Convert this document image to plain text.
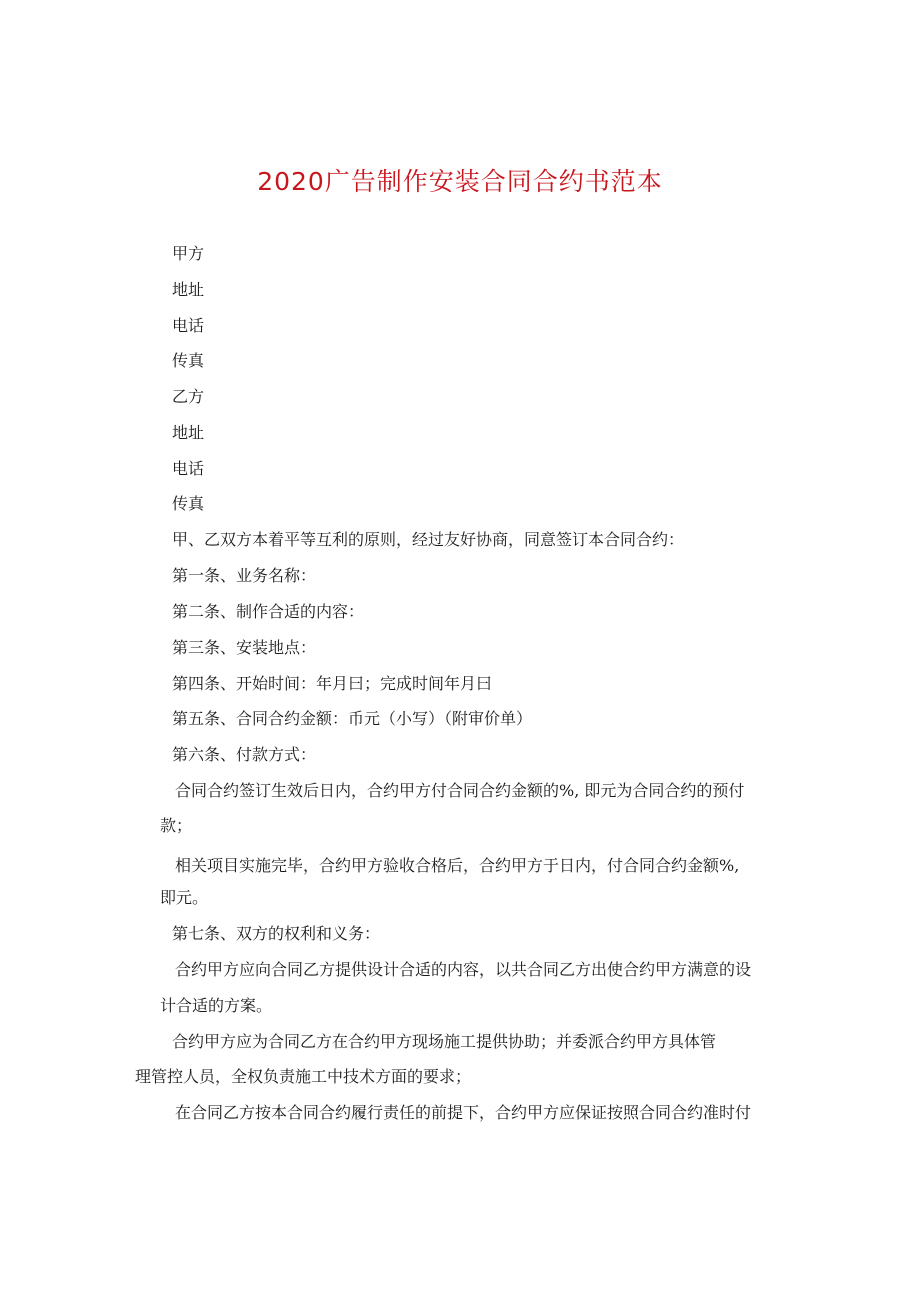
2020广告制作安装合同合约书范本

甲方

地址

电话

传真

乙方

地址

电话

传真

甲、乙双方本着平等互利的原则，经过友好协商，同意签订本合同合约：

第一条、业务名称：

第二条、制作合适的内容：

第三条、安装地点：

第四条、开始时间：年月曰；完成时间年月曰

第五条、合同合约金额：币元（小写）（附审价单）

第六条、付款方式：

合同合约签订生效后日内，合约甲方付合同合约金额的%, 即元为合同合约的预付

款；

相关项目实施完毕，合约甲方验收合格后，合约甲方于日内，付合同合约金额%,

即元。

第七条、双方的权利和义务：

合约甲方应向合同乙方提供设计合适的内容，以共合同乙方出使合约甲方满意的设

计合适的方案。

合约甲方应为合同乙方在合约甲方现场施工提供协助；并委派合约甲方具体管

理管控人员，全权负责施工中技术方面的要求；

在合同乙方按本合同合约履行责任的前提下，合约甲方应保证按照合同合约准时付
